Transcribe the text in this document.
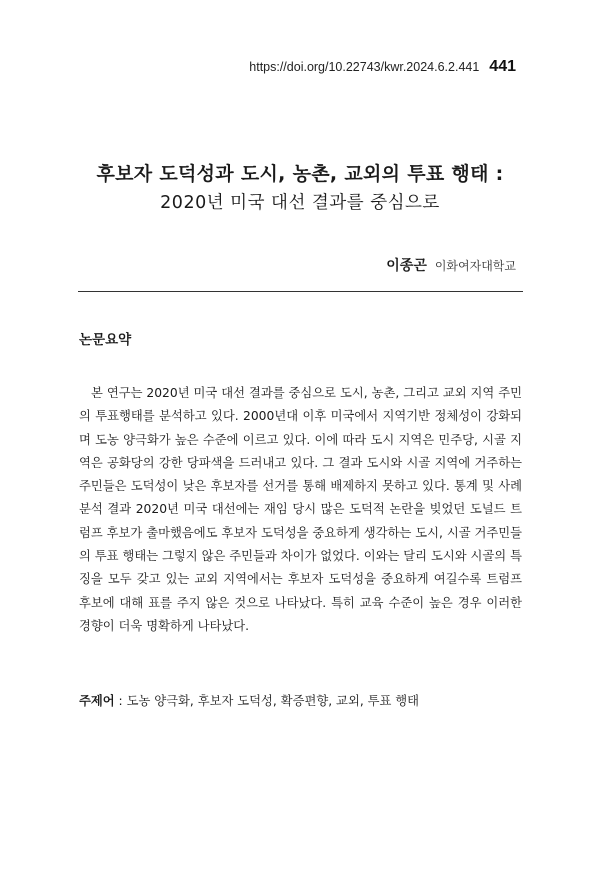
https://doi.org/10.22743/kwr.2024.6.2.441 441

후보자 도덕성과 도시, 농촌, 교외의 투표 행태 :

2020년 미국 대선 결과를 중심으로

이종곤 이화여자대학교
논문요약

본 연구는 2020년 미국 대선 결과를 중심으로 도시, 농촌, 그리고 교외 지역 주민의 투표행태를 분석하고 있다. 2000년대 이후 미국에서 지역기반 정체성이 강화되며 도농 양극화가 높은 수준에 이르고 있다. 이에 따라 도시 지역은 민주당, 시골 지역은 공화당의 강한 당파색을 드러내고 있다. 그 결과 도시와 시골 지역에 거주하는 주민들은 도덕성이 낮은 후보자를 선거를 통해 배제하지 못하고 있다. 통계 및 사례분석 결과 2020년 미국 대선에는 재임 당시 많은 도덕적 논란을 빚었던 도널드 트럼프 후보가 출마했음에도 후보자 도덕성을 중요하게 생각하는 도시, 시골 거주민들의 투표 행태는 그렇지 않은 주민들과 차이가 없었다. 이와는 달리 도시와 시골의 특징을 모두 갖고 있는 교외 지역에서는 후보자 도덕성을 중요하게 여길수록 트럼프 후보에 대해 표를 주지 않은 것으로 나타났다. 특히 교육 수준이 높은 경우 이러한 경향이 더욱 명확하게 나타났다.

주제어 : 도농 양극화, 후보자 도덕성, 확증편향, 교외, 투표 행태
